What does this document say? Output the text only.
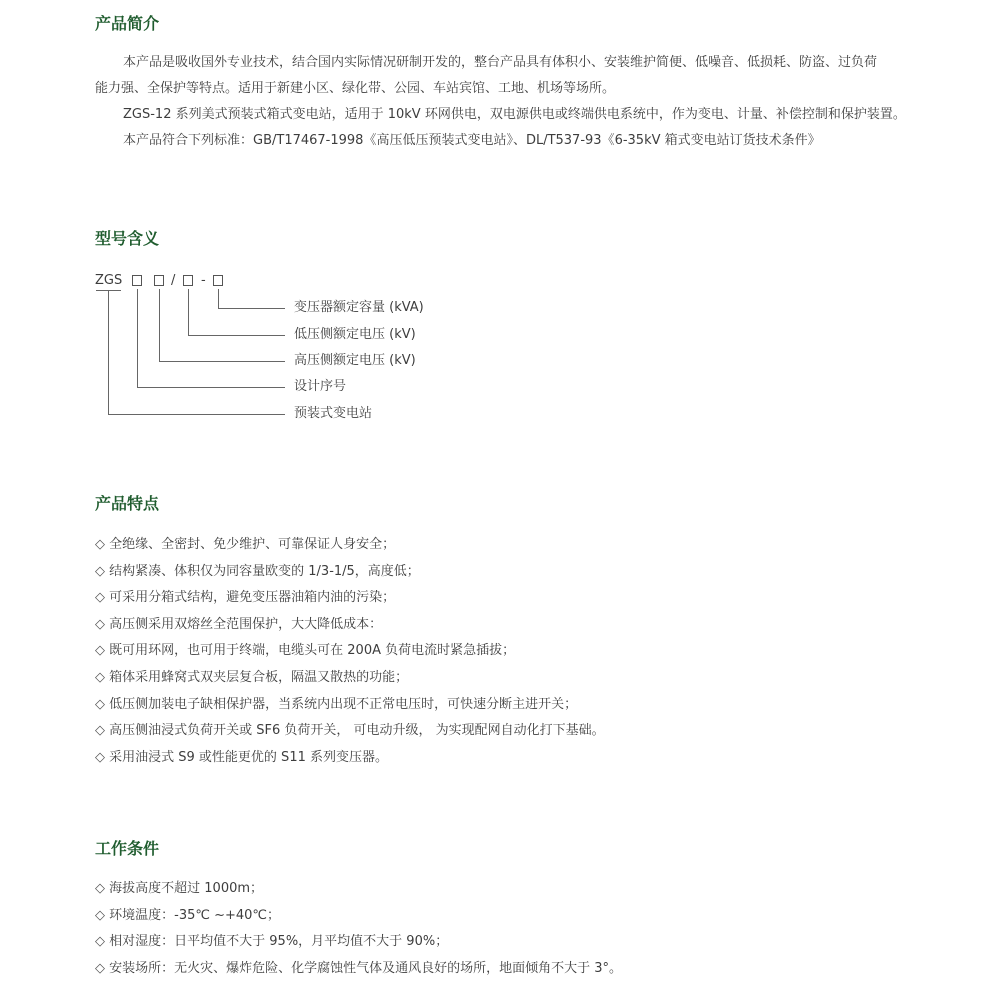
产品简介
本产品是吸收国外专业技术，结合国内实际情况研制开发的，整台产品具有体积小、安装维护简便、低噪音、低损耗、防盗、过负荷
能力强、全保护等特点。适用于新建小区、绿化带、公园、车站宾馆、工地、机场等场所。
ZGS-12 系列美式预装式箱式变电站，适用于 10kV 环网供电，双电源供电或终端供电系统中，作为变电、计量、补偿控制和保护装置。
本产品符合下列标准：GB/T17467-1998《高压低压预装式变电站》、DL/T537-93《6-35kV 箱式变电站订货技术条件》
型号含义
ZGS	/ -
变压器额定容量 (kVA)
低压侧额定电压 (kV)
高压侧额定电压 (kV)
设计序号
预装式变电站
产品特点
◇ 全绝缘、全密封、免少维护、可靠保证人身安全；
◇ 结构紧凑、体积仅为同容量欧变的 1/3-1/5，高度低；
◇ 可采用分箱式结构，避免变压器油箱内油的污染；
◇ 高压侧采用双熔丝全范围保护，大大降低成本：
◇ 既可用环网，也可用于终端，电缆头可在 200A 负荷电流时紧急插拔；
◇ 箱体采用蜂窝式双夹层复合板，隔温又散热的功能；
◇ 低压侧加装电子缺相保护器，当系统内出现不正常电压时，可快速分断主进开关；
◇ 高压侧油浸式负荷开关或 SF6 负荷开关， 可电动升级， 为实现配网自动化打下基础。
◇ 采用油浸式 S9 或性能更优的 S11 系列变压器。
工作条件
◇ 海拔高度不超过 1000m；
◇ 环境温度：-35℃ ~+40℃；
◇ 相对湿度：日平均值不大于 95%，月平均值不大于 90%；
◇ 安装场所：无火灾、爆炸危险、化学腐蚀性气体及通风良好的场所，地面倾角不大于 3°。
